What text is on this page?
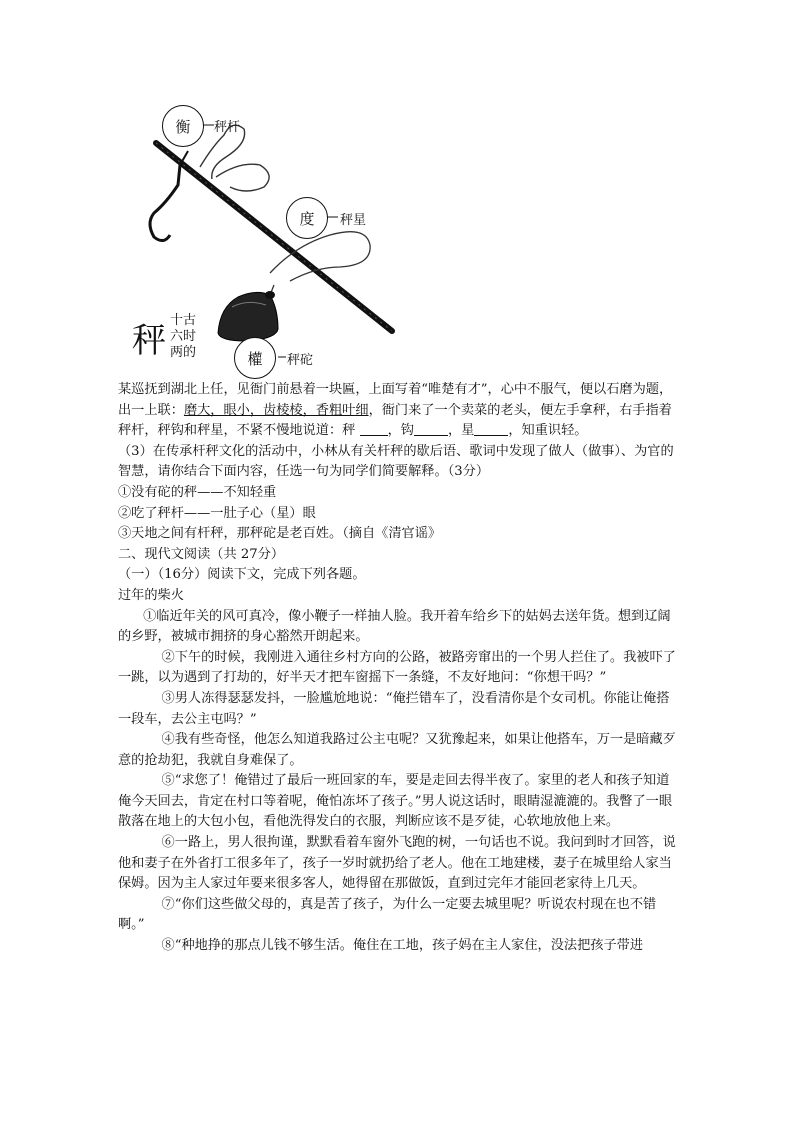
衡 秤杆
度 秤星
權 秤砣
秤
十古
六时
两的

某巡抚到湖北上任，见衙门前悬着一块匾，上面写着“唯楚有才”，心中不服气，便以石磨为题，出一上联：磨大，眼小，齿棱棱，香粗叶细，衙门来了一个卖菜的老头，便左手拿秤，右手指着秤杆，秤钩和秤星，不紧不慢地说道：秤 ，钩	，星	，知重识轻。

（3）在传承杆秤文化的活动中，小林从有关杆秤的歇后语、歌词中发现了做人（做事）、为官的智慧，请你结合下面内容，任选一句为同学们简要解释。（3分）

①没有砣的秤——不知轻重

②吃了秤杆——一肚子心（星）眼

③天地之间有杆秤，那秤砣是老百姓。（摘自《清官谣》

二、现代文阅读（共 27分）

（一）（16分）阅读下文，完成下列各题。

过年的柴火

①临近年关的风可真冷，像小鞭子一样抽人脸。我开着车给乡下的姑妈去送年货。想到辽阔的乡野，被城市拥挤的身心豁然开朗起来。

②下午的时候，我刚进入通往乡村方向的公路，被路旁窜出的一个男人拦住了。我被吓了一跳，以为遇到了打劫的，好半天才把车窗摇下一条缝，不友好地问：“你想干吗？”

③男人冻得瑟瑟发抖，一脸尴尬地说：“俺拦错车了，没看清你是个女司机。你能让俺搭一段车，去公主屯吗？”

④我有些奇怪，他怎么知道我路过公主屯呢？又犹豫起来，如果让他搭车，万一是暗藏歹意的抢劫犯，我就自身难保了。

⑤“求您了！俺错过了最后一班回家的车，要是走回去得半夜了。家里的老人和孩子知道俺今天回去，肯定在村口等着呢，俺怕冻坏了孩子。”男人说这话时，眼睛湿漉漉的。我瞥了一眼散落在地上的大包小包，看他洗得发白的衣服，判断应该不是歹徒，心软地放他上来。

⑥一路上，男人很拘谨，默默看着车窗外飞跑的树，一句话也不说。我问到时才回答，说他和妻子在外省打工很多年了，孩子一岁时就扔给了老人。他在工地建楼，妻子在城里给人家当保姆。因为主人家过年要来很多客人，她得留在那做饭，直到过完年才能回老家待上几天。

⑦“你们这些做父母的，真是苦了孩子，为什么一定要去城里呢？听说农村现在也不错啊。”

⑧“种地挣的那点儿钱不够生活。俺住在工地，孩子妈在主人家住，没法把孩子带进
